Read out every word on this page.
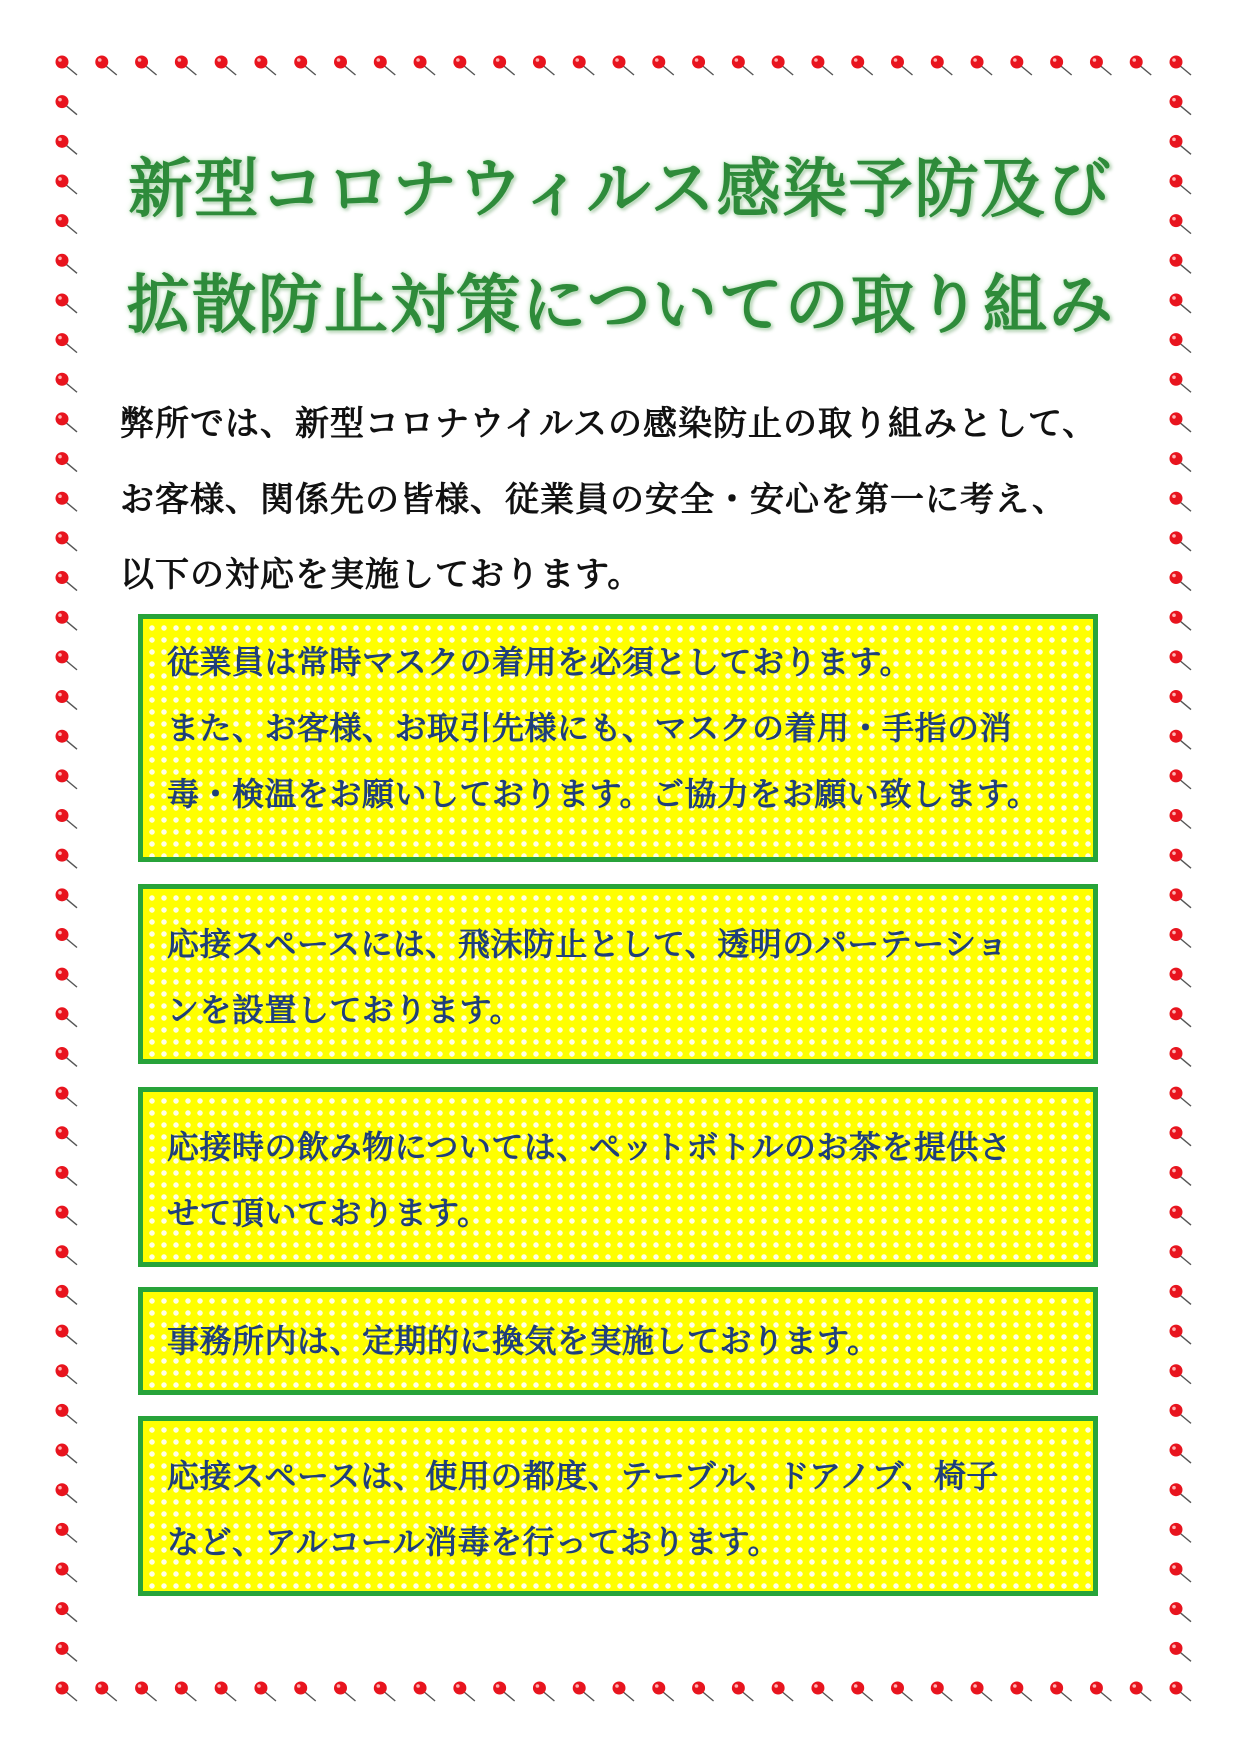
新型コロナウィルス感染予防及び
拡散防止対策についての取り組み
弊所では、新型コロナウイルスの感染防止の取り組みとして、
お客様、関係先の皆様、従業員の安全・安心を第一に考え、
以下の対応を実施しております。
従業員は常時マスクの着用を必須としております。
また、お客様、お取引先様にも、マスクの着用・手指の消
毒・検温をお願いしております。ご協力をお願い致します。
応接スペースには、飛沫防止として、透明のパーテーショ
ンを設置しております。
応接時の飲み物については、ペットボトルのお茶を提供さ
せて頂いております。
事務所内は、定期的に換気を実施しております。
応接スペースは、使用の都度、テーブル、ドアノブ、椅子
など、アルコール消毒を行っております。
